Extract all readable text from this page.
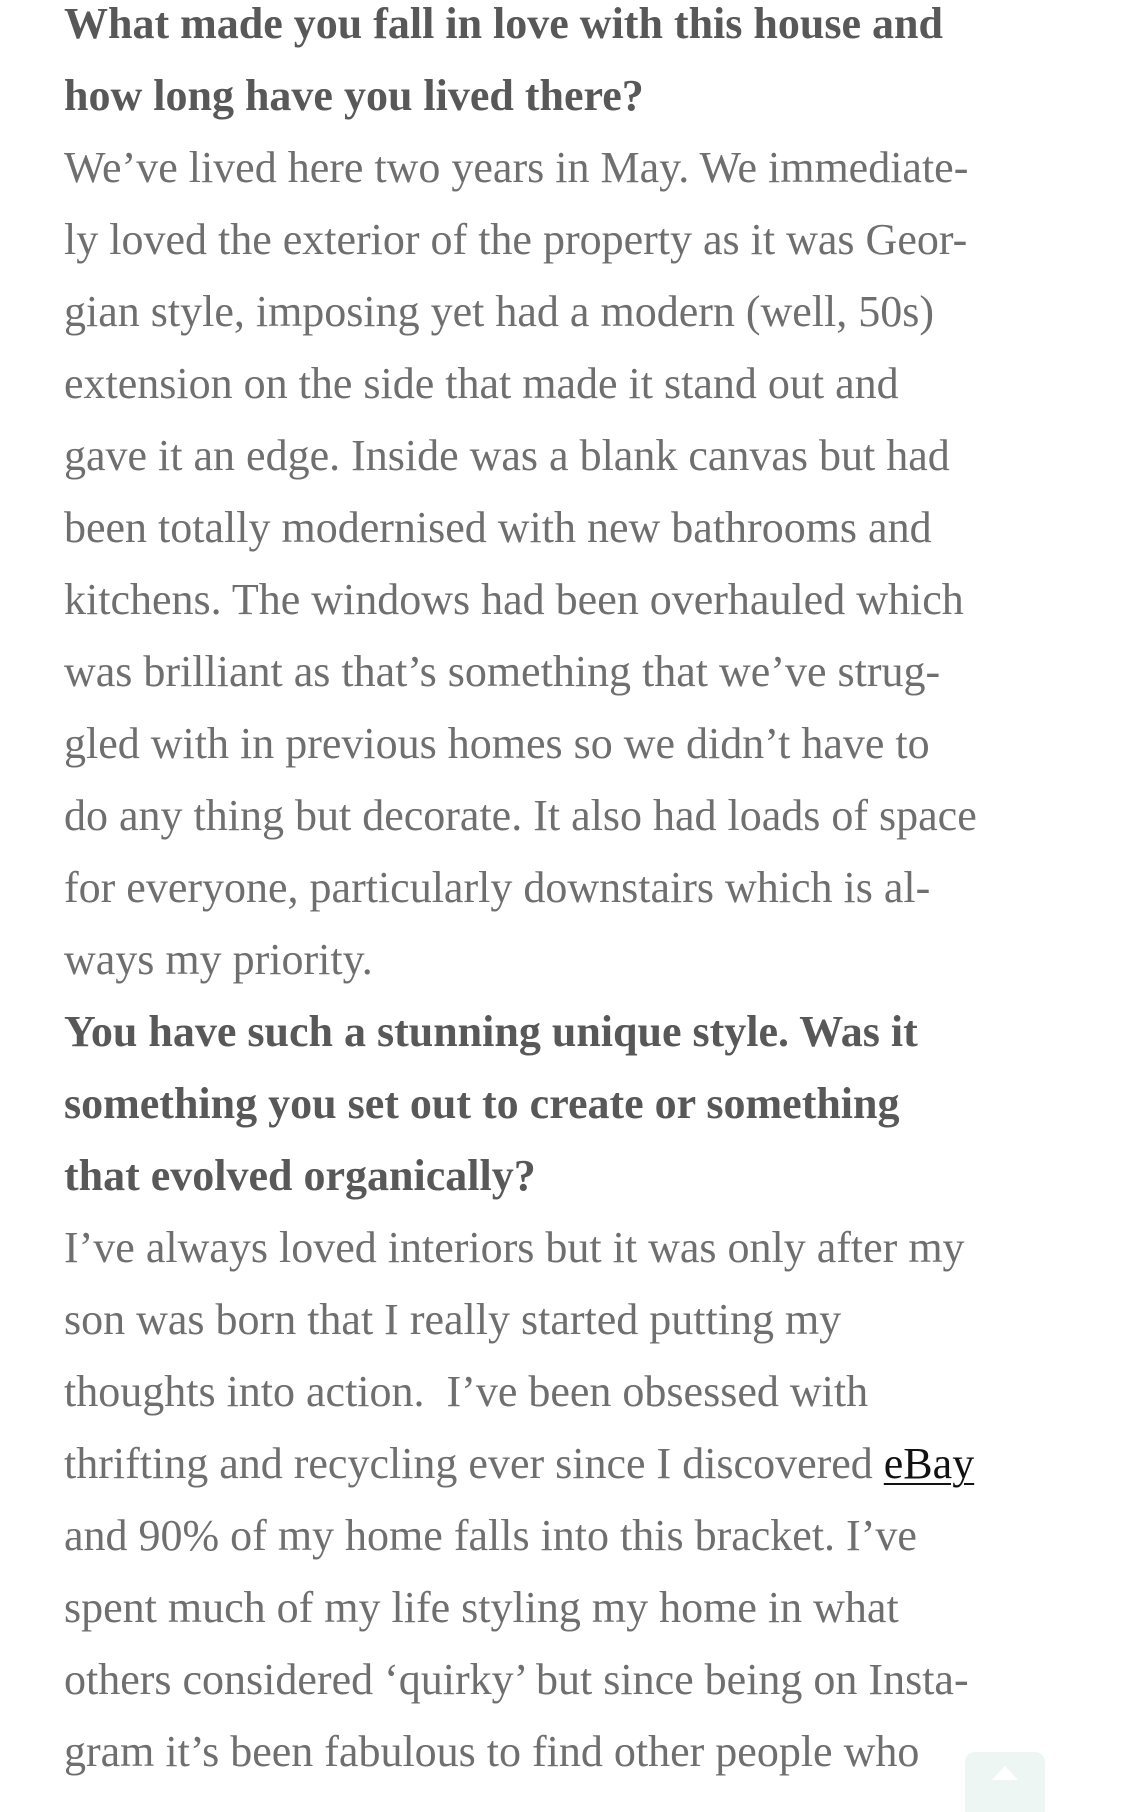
What made you fall in love with this house and
how long have you lived there?
We’ve lived here two years in May. We immediate-
ly loved the exterior of the property as it was Geor-
gian style, imposing yet had a modern (well, 50s)
extension on the side that made it stand out and
gave it an edge. Inside was a blank canvas but had
been totally modernised with new bathrooms and
kitchens. The windows had been overhauled which
was brilliant as that’s something that we’ve strug-
gled with in previous homes so we didn’t have to
do any thing but decorate. It also had loads of space
for everyone, particularly downstairs which is al-
ways my priority.
You have such a stunning unique style. Was it
something you set out to create or something
that evolved organically?
I’ve always loved interiors but it was only after my
son was born that I really started putting my
thoughts into action.  I’ve been obsessed with
thrifting and recycling ever since I discovered eBay
and 90% of my home falls into this bracket. I’ve
spent much of my life styling my home in what
others considered ‘quirky’ but since being on Insta-
gram it’s been fabulous to find other people who
